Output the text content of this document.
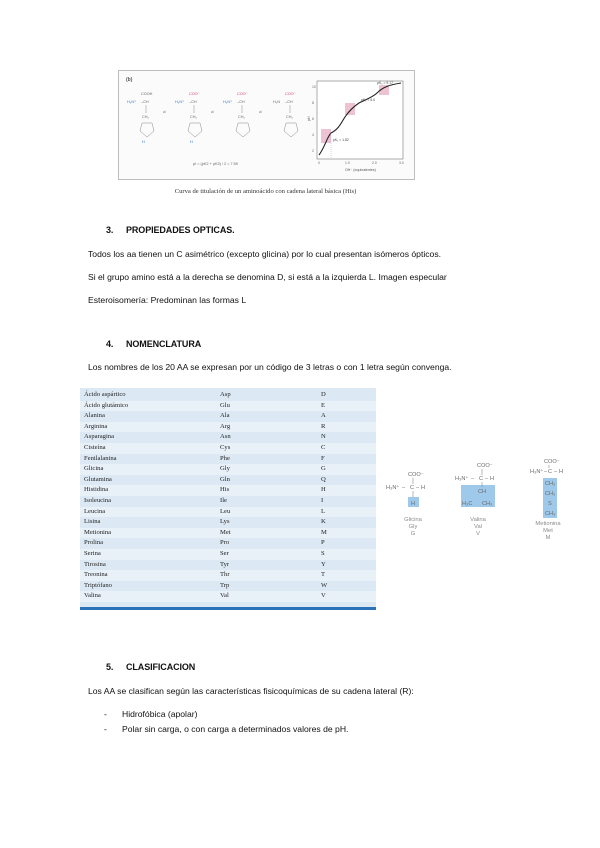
(b)
COOH
H₃N⁺ –CH
CH₂
H
⇌
COO⁻
H₃N⁺ –CH
CH₂
H
⇌
COO⁻
H₃N⁺ –CH
CH₂
⇌
COO⁻
H₂N –CH
CH₂
pI = (pK2 + pK3) / 2 = 7.59
2
4
6
8
10
0	1.0	2.0	3.0
pH
OH⁻ (equivalentes)
pK₃ = 9.17
pK₂ = 6.0
pK₁ = 1.82
Curva de titulación de un aminoácido con cadena lateral básica (His)
3. PROPIEDADES OPTICAS.
Todos los aa tienen un C asimétrico (excepto glicina) por lo cual presentan isómeros ópticos.
Si el grupo amino está a la derecha se denomina D, si está a la izquierda L. Imagen especular
Esteroisomería: Predominan las formas L
4. NOMENCLATURA
Los nombres de los 20 AA se expresan por un código de 3 letras o con 1 letra según convenga.
Ácido aspártico	Asp	D
Ácido glutámico	Glu	E
Alanina	Ala	A
Arginina	Arg	R
Asparagina	Asn	N
Cisteína	Cys	C
Fenilalanina	Phe	F
Glicina	Gly	G
Glutamina	Gln	Q
Histidina	His	H
Isoleucina	Ile	I
Leucina	Leu	L
Lisina	Lys	K
Metionina	Met	M
Prolina	Pro	P
Serina	Ser	S
Tirosina	Tyr	Y
Treonina	Thr	T
Triptófano	Trp	W
Valina	Val	V
COO⁻
H₃N⁺ – C – H
H
COO⁻
H₃N⁺ – C – H
CH
H₃C CH₃
COO⁻
H₃N⁺ – C – H
CH₂
CH₂
S
CH₃
Glicina
Gly
G
Valina
Val
V
Metionina
Met
M
5. CLASIFICACION
Los AA se clasifican según las características fisicoquímicas de su cadena lateral (R):
- Hidrofóbica (apolar)
- Polar sin carga, o con carga a determinados valores de pH.
